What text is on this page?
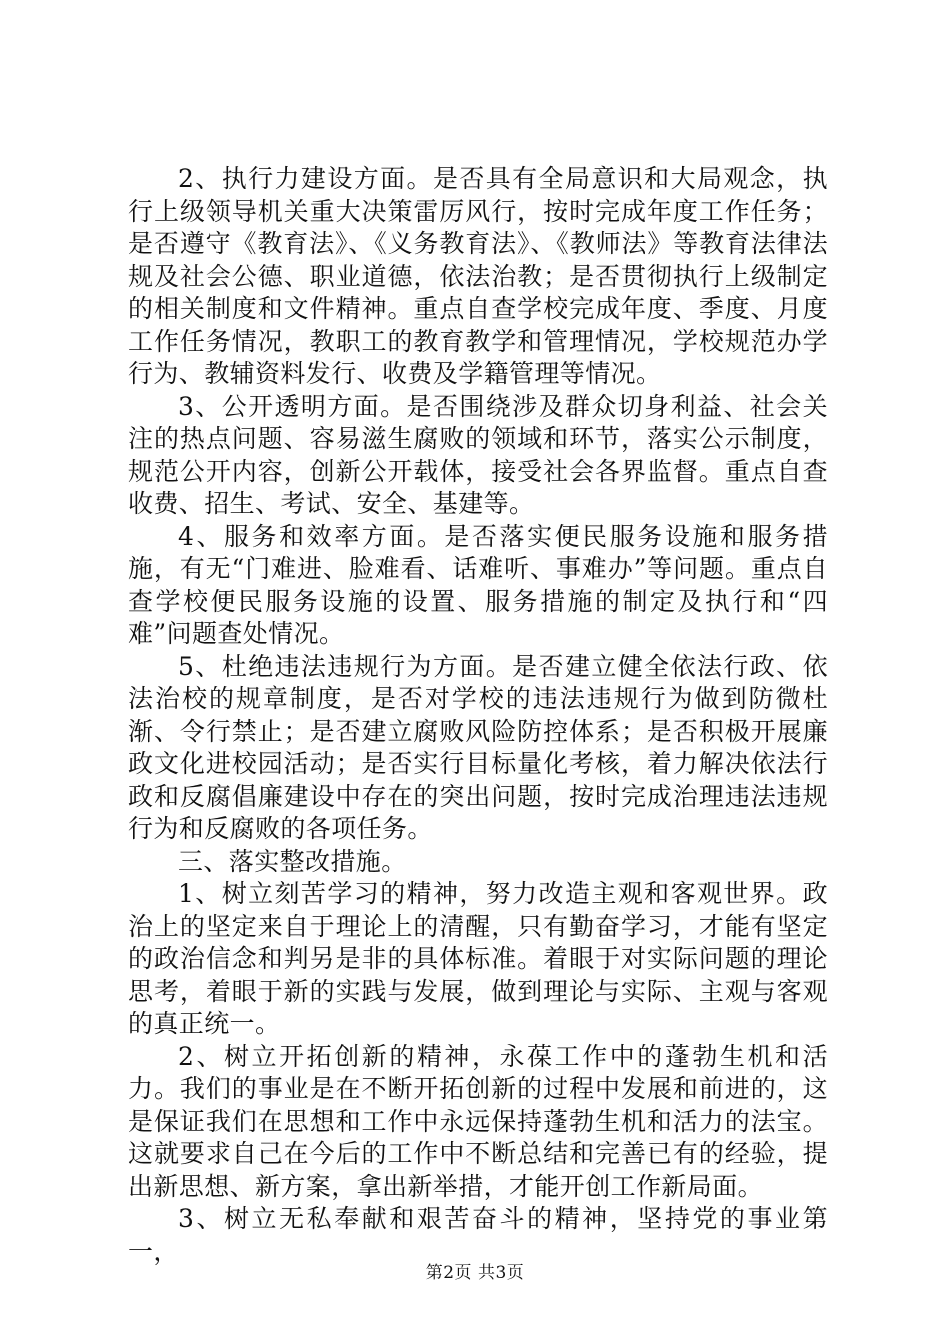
2、执行力建设方面。是否具有全局意识和大局观念，执行上级领导机关重大决策雷厉风行，按时完成年度工作任务；是否遵守《教育法》、《义务教育法》、《教师法》等教育法律法规及社会公德、职业道德，依法治教；是否贯彻执行上级制定的相关制度和文件精神。重点自查学校完成年度、季度、月度工作任务情况，教职工的教育教学和管理情况，学校规范办学行为、教辅资料发行、收费及学籍管理等情况。

3、公开透明方面。是否围绕涉及群众切身利益、社会关注的热点问题、容易滋生腐败的领域和环节，落实公示制度，规范公开内容，创新公开载体，接受社会各界监督。重点自查收费、招生、考试、安全、基建等。

4、服务和效率方面。是否落实便民服务设施和服务措施，有无“门难进、脸难看、话难听、事难办”等问题。重点自查学校便民服务设施的设置、服务措施的制定及执行和“四难”问题查处情况。

5、杜绝违法违规行为方面。是否建立健全依法行政、依法治校的规章制度，是否对学校的违法违规行为做到防微杜渐、令行禁止；是否建立腐败风险防控体系；是否积极开展廉政文化进校园活动；是否实行目标量化考核，着力解决依法行政和反腐倡廉建设中存在的突出问题，按时完成治理违法违规行为和反腐败的各项任务。

三、落实整改措施。

1、树立刻苦学习的精神，努力改造主观和客观世界。政治上的坚定来自于理论上的清醒，只有勤奋学习，才能有坚定的政治信念和判另是非的具体标准。着眼于对实际问题的理论思考，着眼于新的实践与发展，做到理论与实际、主观与客观的真正统一。

2、树立开拓创新的精神，永葆工作中的蓬勃生机和活力。我们的事业是在不断开拓创新的过程中发展和前进的，这是保证我们在思想和工作中永远保持蓬勃生机和活力的法宝。这就要求自己在今后的工作中不断总结和完善已有的经验，提出新思想、新方案，拿出新举措，才能开创工作新局面。

3、树立无私奉献和艰苦奋斗的精神，坚持党的事业第一，

第2页 共3页
